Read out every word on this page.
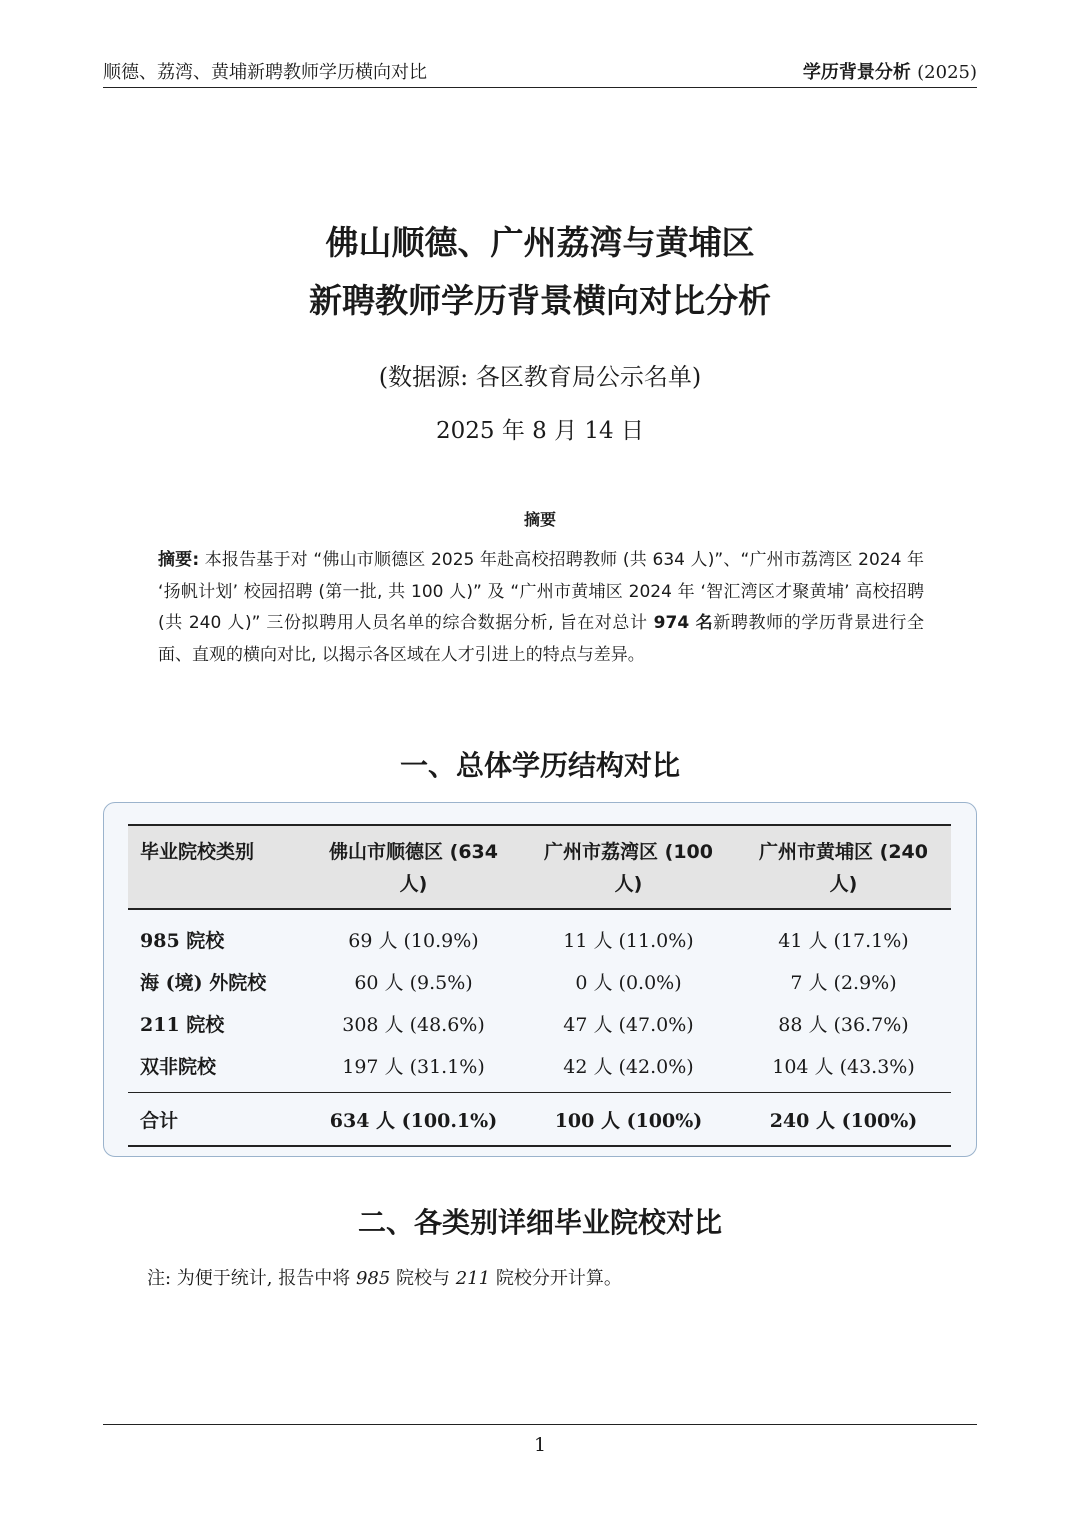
顺德、荔湾、黄埔新聘教师学历横向对比	学历背景分析 (2025)
佛山顺德、广州荔湾与黄埔区
新聘教师学历背景横向对比分析
(数据源: 各区教育局公示名单)
2025 年 8 月 14 日
摘要
摘要: 本报告基于对 “佛山市顺德区 2025 年赴高校招聘教师 (共 634 人)”、“广州市荔湾区 2024 年 ‘扬帆计划’ 校园招聘 (第一批, 共 100 人)” 及 “广州市黄埔区 2024 年 ‘智汇湾区才聚黄埔’ 高校招聘 (共 240 人)” 三份拟聘用人员名单的综合数据分析, 旨在对总计 974 名新聘教师的学历背景进行全面、直观的横向对比, 以揭示各区域在人才引进上的特点与差异。
一、总体学历结构对比
毕业院校类别	佛山市顺德区 (634 人)	广州市荔湾区 (100 人)	广州市黄埔区 (240 人)
985 院校	69 人 (10.9%)	11 人 (11.0%)	41 人 (17.1%)
海 (境) 外院校	60 人 (9.5%)	0 人 (0.0%)	7 人 (2.9%)
211 院校	308 人 (48.6%)	47 人 (47.0%)	88 人 (36.7%)
双非院校	197 人 (31.1%)	42 人 (42.0%)	104 人 (43.3%)
合计	634 人 (100.1%)	100 人 (100%)	240 人 (100%)
二、各类别详细毕业院校对比
注: 为便于统计, 报告中将 985 院校与 211 院校分开计算。
1
